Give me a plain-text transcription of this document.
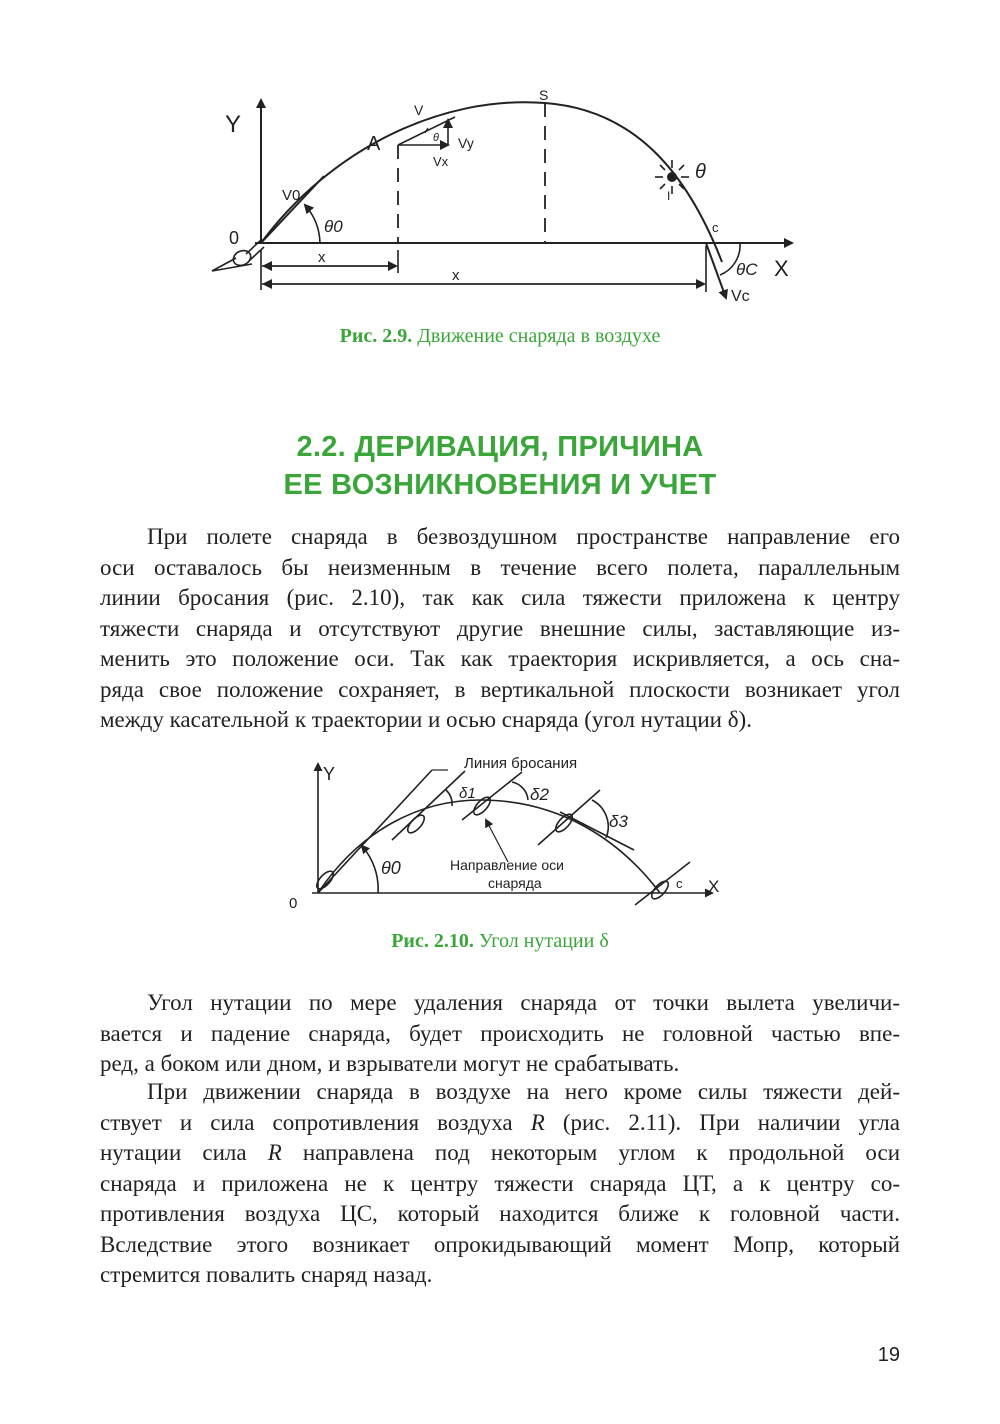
Y
X
0
A
S
V
Vy
Vx
θ
V0
θ0
θ
I
c
θC
Vc
x
x

Рис. 2.9. Движение снаряда в воздухе

2.2. ДЕРИВАЦИЯ, ПРИЧИНА
ЕЕ ВОЗНИКНОВЕНИЯ И УЧЕТ

При полете снаряда в безвоздушном пространстве направление его
оси оставалось бы неизменным в течение всего полета, параллельным
линии бросания (рис. 2.10), так как сила тяжести приложена к центру
тяжести снаряда и отсутствуют другие внешние силы, заставляющие из-
менить это положение оси. Так как траектория искривляется, а ось сна-
ряда свое положение сохраняет, в вертикальной плоскости возникает угол
между касательной к траектории и осью снаряда (угол нутации δ).

Y
X
0
c
Линия бросания
δ1	δ2
δ3
θ0	Направление оси
снаряда

Рис. 2.10. Угол нутации δ

Угол нутации по мере удаления снаряда от точки вылета увеличи-
вается и падение снаряда, будет происходить не головной частью впе-
ред, а боком или дном, и взрыватели могут не срабатывать.

При движении снаряда в воздухе на него кроме силы тяжести дей-
ствует и сила сопротивления воздуха R (рис. 2.11). При наличии угла
нутации сила R направлена под некоторым углом к продольной оси
снаряда и приложена не к центру тяжести снаряда ЦТ, а к центру со-
противления воздуха ЦС, который находится ближе к головной части.
Вследствие этого возникает опрокидывающий момент Мопр, который
стремится повалить снаряд назад.

19
